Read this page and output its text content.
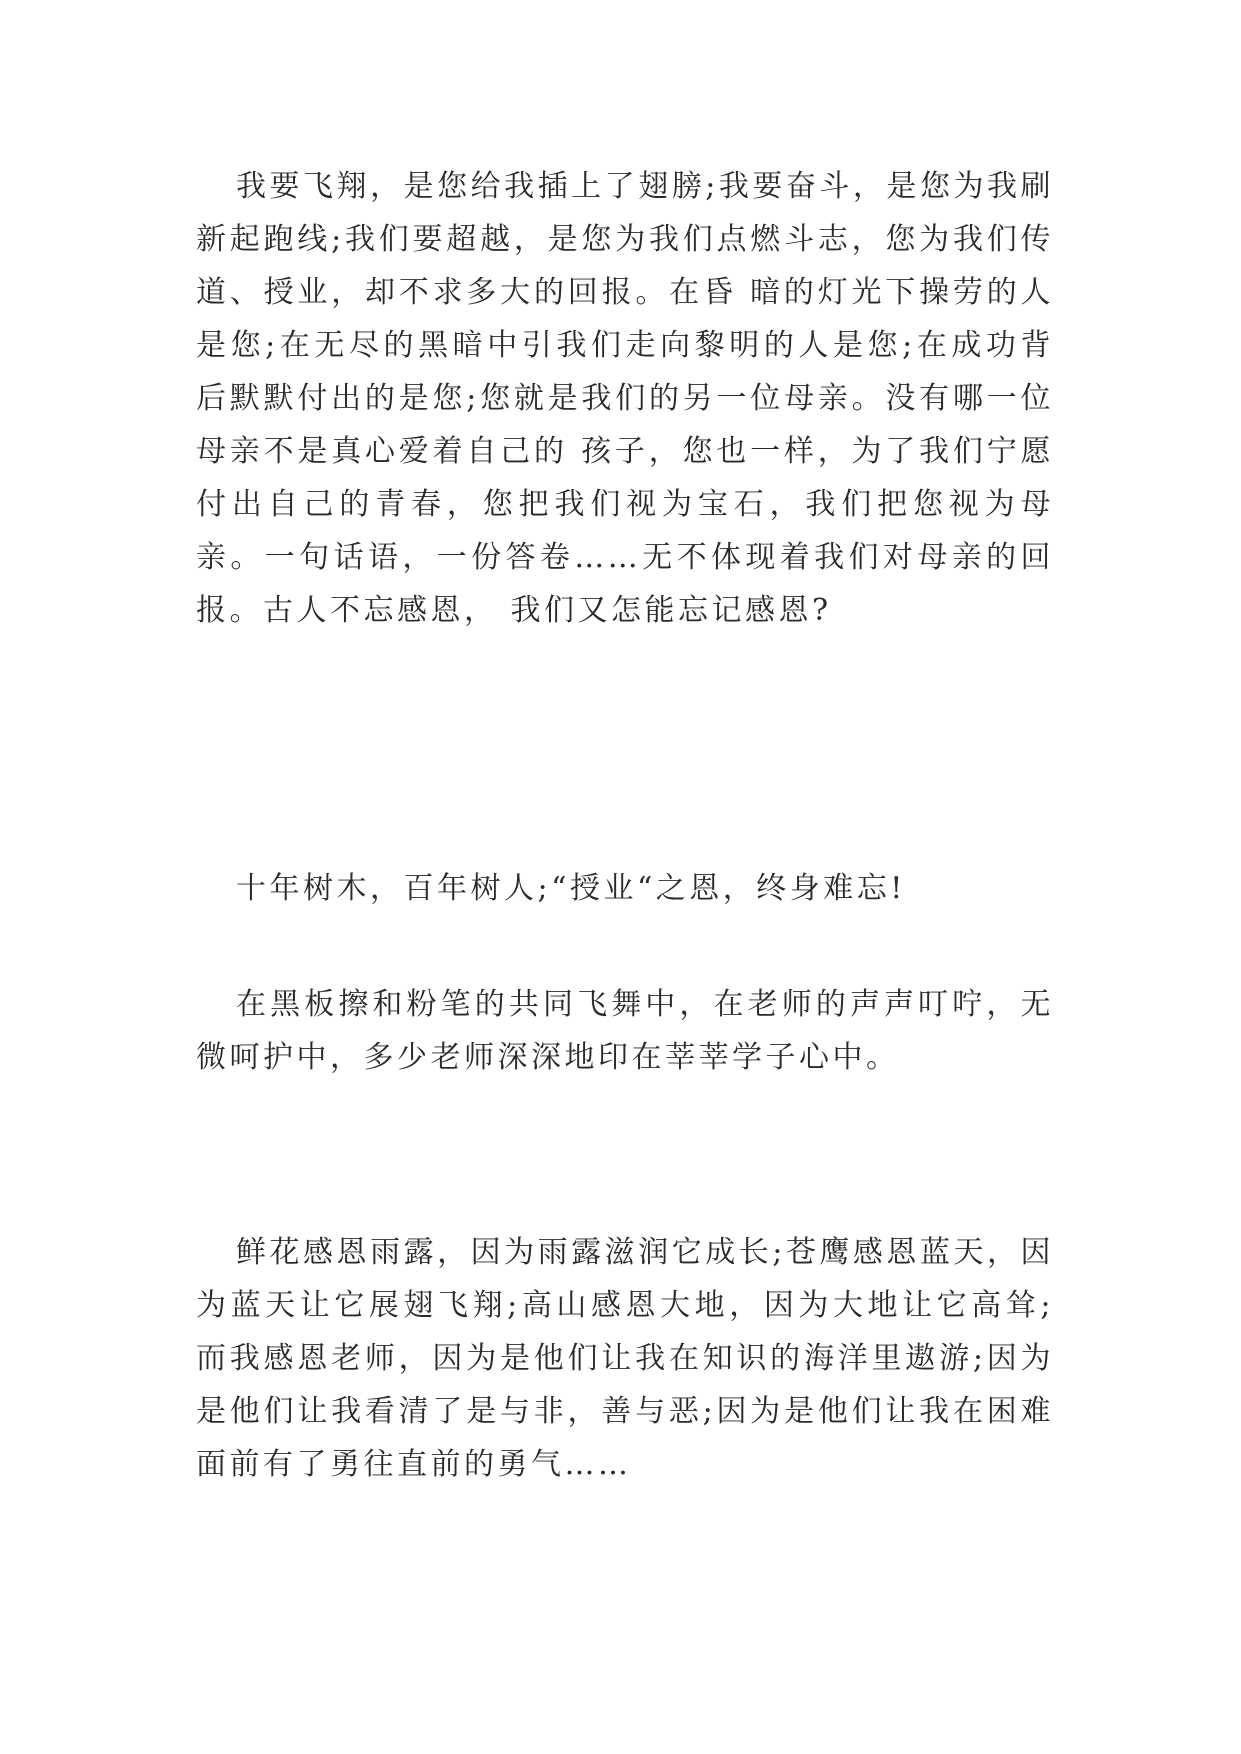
我要飞翔，是您给我插上了翅膀;我要奋斗，是您为我刷新起跑线;我们要超越，是您为我们点燃斗志，您为我们传道、授业，却不求多大的回报。在昏 暗的灯光下操劳的人是您;在无尽的黑暗中引我们走向黎明的人是您;在成功背后默默付出的是您;您就是我们的另一位母亲。没有哪一位母亲不是真心爱着自己的 孩子，您也一样，为了我们宁愿付出自己的青春，您把我们视为宝石，我们把您视为母亲。一句话语，一份答卷……无不体现着我们对母亲的回报。古人不忘感恩， 我们又怎能忘记感恩?

十年树木，百年树人;“授业“之恩，终身难忘!

在黑板擦和粉笔的共同飞舞中，在老师的声声叮咛，无微呵护中，多少老师深深地印在莘莘学子心中。

鲜花感恩雨露，因为雨露滋润它成长;苍鹰感恩蓝天，因为蓝天让它展翅飞翔;高山感恩大地，因为大地让它高耸;而我感恩老师，因为是他们让我在知识的海洋里遨游;因为是他们让我看清了是与非，善与恶;因为是他们让我在困难面前有了勇往直前的勇气……
